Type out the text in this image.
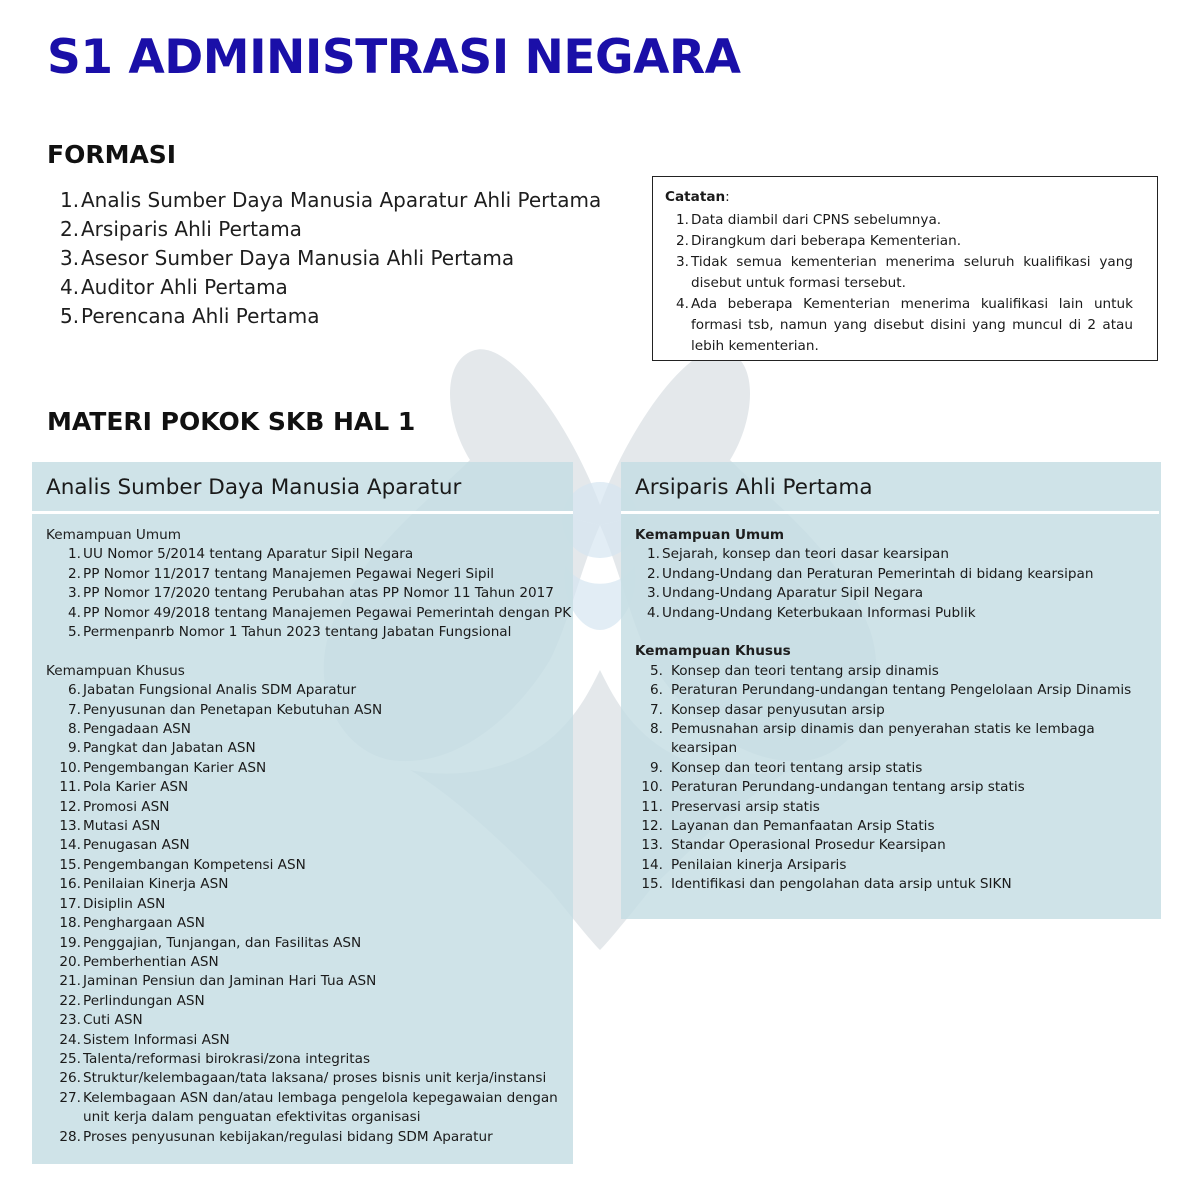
S1 ADMINISTRASI NEGARA
FORMASI
1. Analis Sumber Daya Manusia Aparatur Ahli Pertama
2. Arsiparis Ahli Pertama
3. Asesor Sumber Daya Manusia Ahli Pertama
4. Auditor Ahli Pertama
5. Perencana Ahli Pertama
Catatan:
1. Data diambil dari CPNS sebelumnya.
2. Dirangkum dari beberapa Kementerian.
3. Tidak semua kementerian menerima seluruh kualifikasi yang disebut untuk formasi tersebut.
4. Ada beberapa Kementerian menerima kualifikasi lain untuk formasi tsb, namun yang disebut disini yang muncul di 2 atau lebih kementerian.
MATERI POKOK SKB HAL 1
Analis Sumber Daya Manusia Aparatur
Kemampuan Umum
1. UU Nomor 5/2014 tentang Aparatur Sipil Negara
2. PP Nomor 11/2017 tentang Manajemen Pegawai Negeri Sipil
3. PP Nomor 17/2020 tentang Perubahan atas PP Nomor 11 Tahun 2017
4. PP Nomor 49/2018 tentang Manajemen Pegawai Pemerintah dengan PK
5. Permenpanrb Nomor 1 Tahun 2023 tentang Jabatan Fungsional
Kemampuan Khusus
6. Jabatan Fungsional Analis SDM Aparatur
7. Penyusunan dan Penetapan Kebutuhan ASN
8. Pengadaan ASN
9. Pangkat dan Jabatan ASN
10. Pengembangan Karier ASN
11. Pola Karier ASN
12. Promosi ASN
13. Mutasi ASN
14. Penugasan ASN
15. Pengembangan Kompetensi ASN
16. Penilaian Kinerja ASN
17. Disiplin ASN
18. Penghargaan ASN
19. Penggajian, Tunjangan, dan Fasilitas ASN
20. Pemberhentian ASN
21. Jaminan Pensiun dan Jaminan Hari Tua ASN
22. Perlindungan ASN
23. Cuti ASN
24. Sistem Informasi ASN
25. Talenta/reformasi birokrasi/zona integritas
26. Struktur/kelembagaan/tata laksana/ proses bisnis unit kerja/instansi
27. Kelembagaan ASN dan/atau lembaga pengelola kepegawaian dengan unit kerja dalam penguatan efektivitas organisasi
28. Proses penyusunan kebijakan/regulasi bidang SDM Aparatur
Arsiparis Ahli Pertama
Kemampuan Umum
1. Sejarah, konsep dan teori dasar kearsipan
2. Undang-Undang dan Peraturan Pemerintah di bidang kearsipan
3. Undang-Undang Aparatur Sipil Negara
4. Undang-Undang Keterbukaan Informasi Publik
Kemampuan Khusus
5. Konsep dan teori tentang arsip dinamis
6. Peraturan Perundang-undangan tentang Pengelolaan Arsip Dinamis
7. Konsep dasar penyusutan arsip
8. Pemusnahan arsip dinamis dan penyerahan statis ke lembaga kearsipan
9. Konsep dan teori tentang arsip statis
10. Peraturan Perundang-undangan tentang arsip statis
11. Preservasi arsip statis
12. Layanan dan Pemanfaatan Arsip Statis
13. Standar Operasional Prosedur Kearsipan
14. Penilaian kinerja Arsiparis
15. Identifikasi dan pengolahan data arsip untuk SIKN
